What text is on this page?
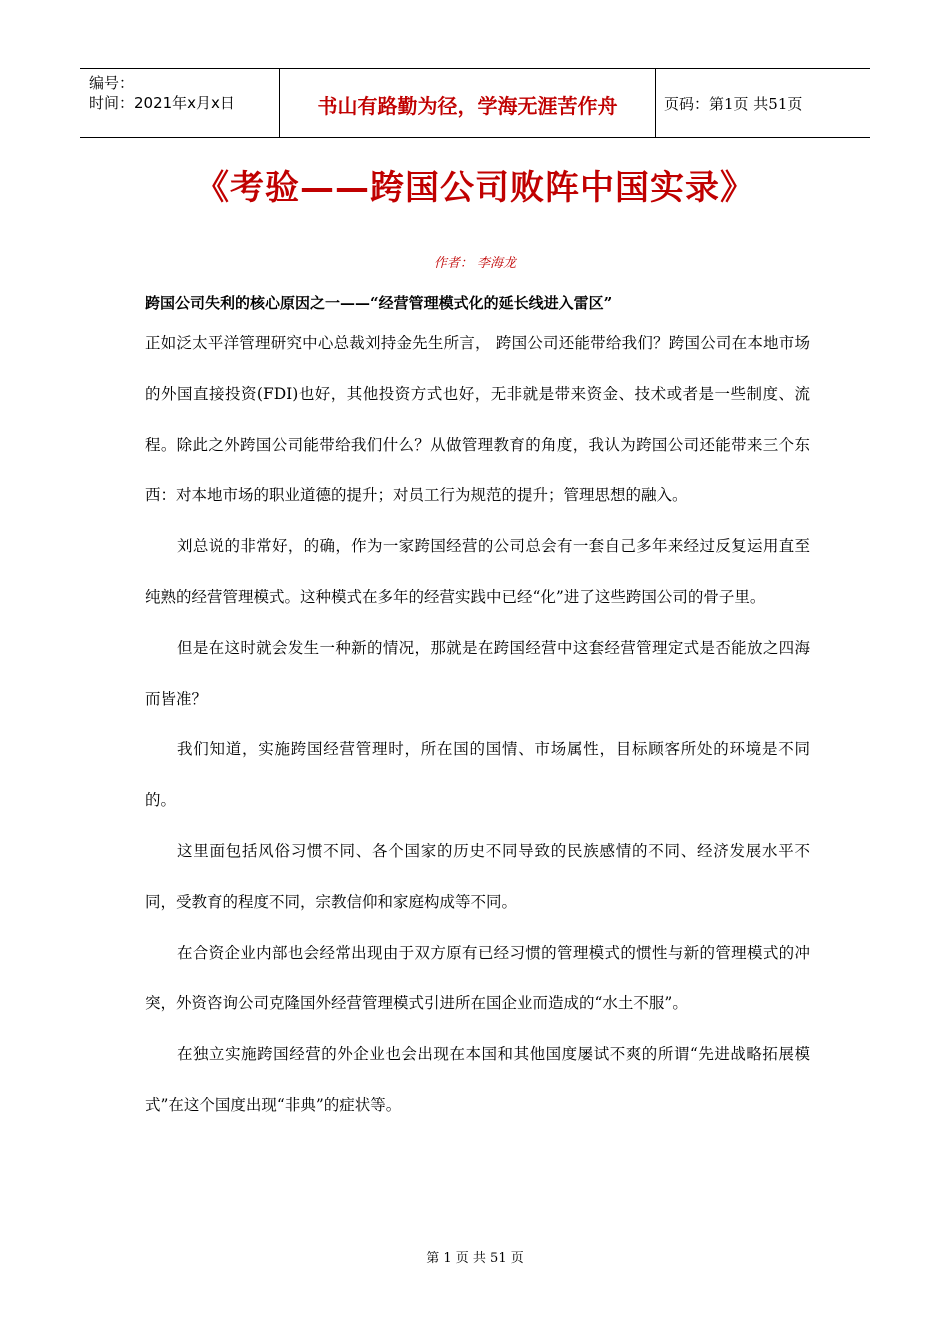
编号：
时间：2021年x月x日	书山有路勤为径，学海无涯苦作舟	页码：第1页 共51页
《考验——跨国公司败阵中国实录》
作者： 李海龙
跨国公司失利的核心原因之一——“经营管理模式化的延长线进入雷区”

正如泛太平洋管理研究中心总裁刘持金先生所言， 跨国公司还能带给我们？跨国公司在本地市场的外国直接投资(FDI)也好，其他投资方式也好，无非就是带来资金、技术或者是一些制度、流程。除此之外跨国公司能带给我们什么？从做管理教育的角度，我认为跨国公司还能带来三个东西：对本地市场的职业道德的提升；对员工行为规范的提升；管理思想的融入。

刘总说的非常好，的确，作为一家跨国经营的公司总会有一套自己多年来经过反复运用直至纯熟的经营管理模式。这种模式在多年的经营实践中已经“化”进了这些跨国公司的骨子里。

但是在这时就会发生一种新的情况，那就是在跨国经营中这套经营管理定式是否能放之四海而皆准？

我们知道，实施跨国经营管理时，所在国的国情、市场属性，目标顾客所处的环境是不同的。

这里面包括风俗习惯不同、各个国家的历史不同导致的民族感情的不同、经济发展水平不同，受教育的程度不同，宗教信仰和家庭构成等不同。

在合资企业内部也会经常出现由于双方原有已经习惯的管理模式的惯性与新的管理模式的冲突，外资咨询公司克隆国外经营管理模式引进所在国企业而造成的“水土不服”。

在独立实施跨国经营的外企业也会出现在本国和其他国度屡试不爽的所谓“先进战略拓展模式”在这个国度出现“非典”的症状等。

第 1 页 共 51 页
